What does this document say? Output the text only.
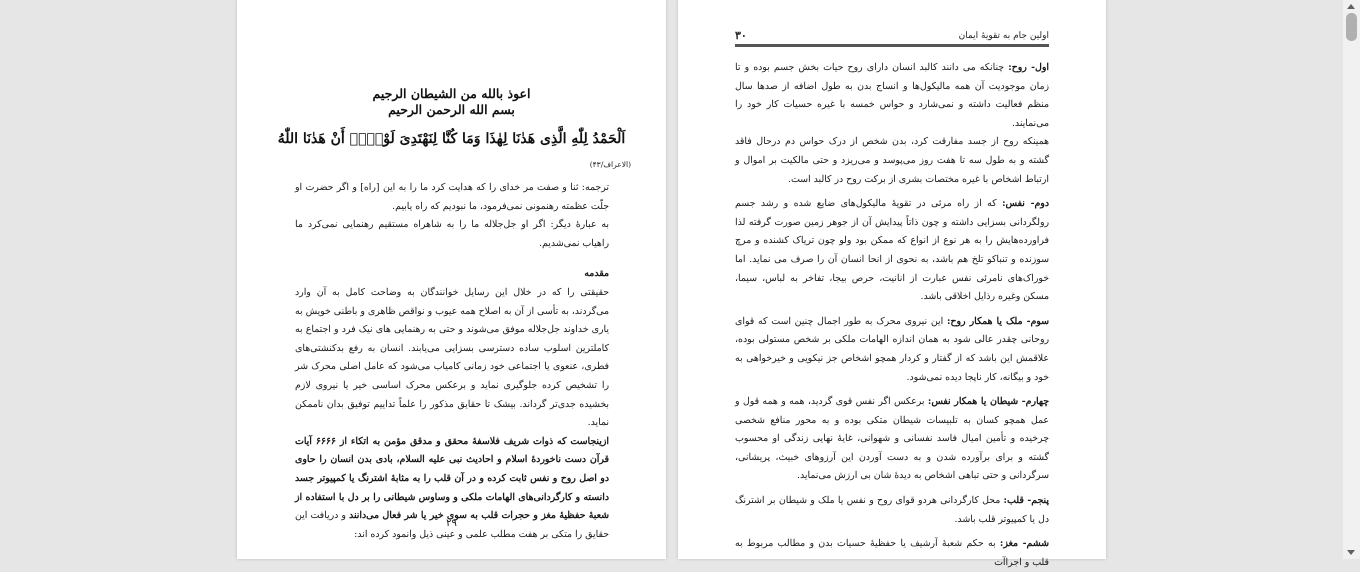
اعوذ بالله من الشیطان الرجیم
بسم الله الرحمن الرحیم
اَلْحَمْدُ لِلّٰهِ الَّذِی هَدٰنَا لِهٰذَا وَمَا كُنَّا لِنَهْتَدِیَ لَوْلَاۤ أَنْ هَدٰنَا اللّٰهُ
(الاعراف/۴۳)
ترجمه: ثنا و صفت مر خدای را که هدایت کرد ما را به این [راه] و اگر حضرت او جلّت عظمته رهنمونی نمی‌فرمود، ما نبودیم که راه یابیم.
به عبارهٔ دیگر: اگر او جل‌جلاله ما را به شاهراه مستقیم رهنمایی نمی‌کرد ما راهیاب نمی‌شدیم.
مقدمه
حقیقتی را که در خلال این رسایل خوانندگان به وضاحت کامل به آن وارد می‌گردند، به تأسی از آن به اصلاح همه عیوب و نواقص ظاهری و باطنی خویش به یاری خداوند جل‌جلاله موفق می‌شوند و حتی به رهنمایی های نیک فرد و اجتماع به کاملترین اسلوب ساده دسترسی بسزایی می‌یابند. انسان به رفع بدکنشتی‌های فطری، عنعوی یا اجتماعی خود زمانی کامیاب می‌شود که عامل اصلی محرک شر را تشخیص کرده جلوگیری نماید و برعکس محرک اساسی خیر یا نیروی لازم بخشیده جدی‌تر گرداند. بیشک تا حقایق مذکور را علماً تداییم توفیق بدان ناممکن نماید.
ازینجاست که ذوات شریف فلاسفهٔ محقق و مدقق مؤمن به اتکاء از ۶۶۶۶ آیات قرآن دست ناخوردهٔ اسلام و احادیث نبی علیه السلام، بادی بدن انسان را حاوی دو اصل روح و نفس ثابت کرده و در آن قلب را به مثابهٔ اشترنگ یا کمپیوتر جسد دانسته و کارگردانی‌های الهامات ملکی و وساوس شیطانی را بر دل با استفاده از شعبهٔ حفظیهٔ مغز و حجرات قلب به سوی خیر یا شر فعال می‌دانند و دریافت این حقایق را متکی بر هفت مطلب علمی و عینی ذیل وانمود کرده اند:
۲۹
اولین جام به تقویهٔ ایمان
۳۰
اول- روح: چنانکه می دانند کالبد انسان دارای روح حیات بخش جسم بوده و تا زمان موجودیت آن همه مالیکول‌ها و انساج بدن به طول اضافه از صدها سال منظم فعالیت داشته و نمی‌شارد و حواس خمسه با غیره حسیات کار خود را می‌نمایند.
همینکه روح از جسد مفارقت کرد، بدن شخص از درک حواس دم درحال فاقد گشته و به طول سه تا هفت روز می‌پوسد و می‌ریزد و حتی مالکیت بر اموال و ارتباط اشخاص با غیره مختصات بشری از برکت روح در کالبد است.
دوم- نفس: که از راه مرئی در تقویهٔ مالیکول‌های ضایع شده و رشد جسم رولگردانی بسزایی داشته و چون ذاتاً پیدایش آن از جوهر زمین صورت گرفته لذا فراورده‌هایش را به هر نوع از انواع که ممکن بود ولو چون تریاک کشنده و مرچ سوزنده و تنباکو تلخ هم باشد، به نحوی از انحا انسان آن را صرف می نماید. اما خوراک‌های نامرئی نفس عبارت از انانیت، حرص بیجا، تفاخر به لباس، سیما، مسکن وغیره رذایل اخلاقی باشد.
سوم- ملک یا همکار روح: این نیروی محرک به طور اجمال چنین است که قوای روحانی چقدر عالی شود به همان اندازه الهامات ملکی بر شخص مستولی بوده، علاقمش این باشد که از گفتار و کردار همچو اشخاص جز نیکویی و خیرخواهی به خود و بیگانه، کار ناپجا دیده نمی‌شود.
چهارم- شیطان یا همکار نفس: برعکس اگر نفس قوی گردید، همه و همه قول و عمل همچو کسان به تلبیسات شیطان متکی بوده و به محور منافع شخصی چرخیده و تأمین امیال فاسد نفسانی و شهوانی، غایهٔ نهایی زندگی او محسوب گشته و برای برآورده شدن و به دست آوردن این آرزوهای خبیث، پریشانی، سرگردانی و حتی تباهی اشخاص به دیدهٔ شان بی ارزش می‌نماید.
پنجم- قلب: محل کارگردانی هردو قوای روح و نفس یا ملک و شیطان بر اشترنگ دل یا کمپیوتر قلب باشد.
ششم- مغز: به حکم شعبهٔ آرشیف یا حفظیهٔ حسیات بدن و مطالب مربوط به قلب و اجراآت
